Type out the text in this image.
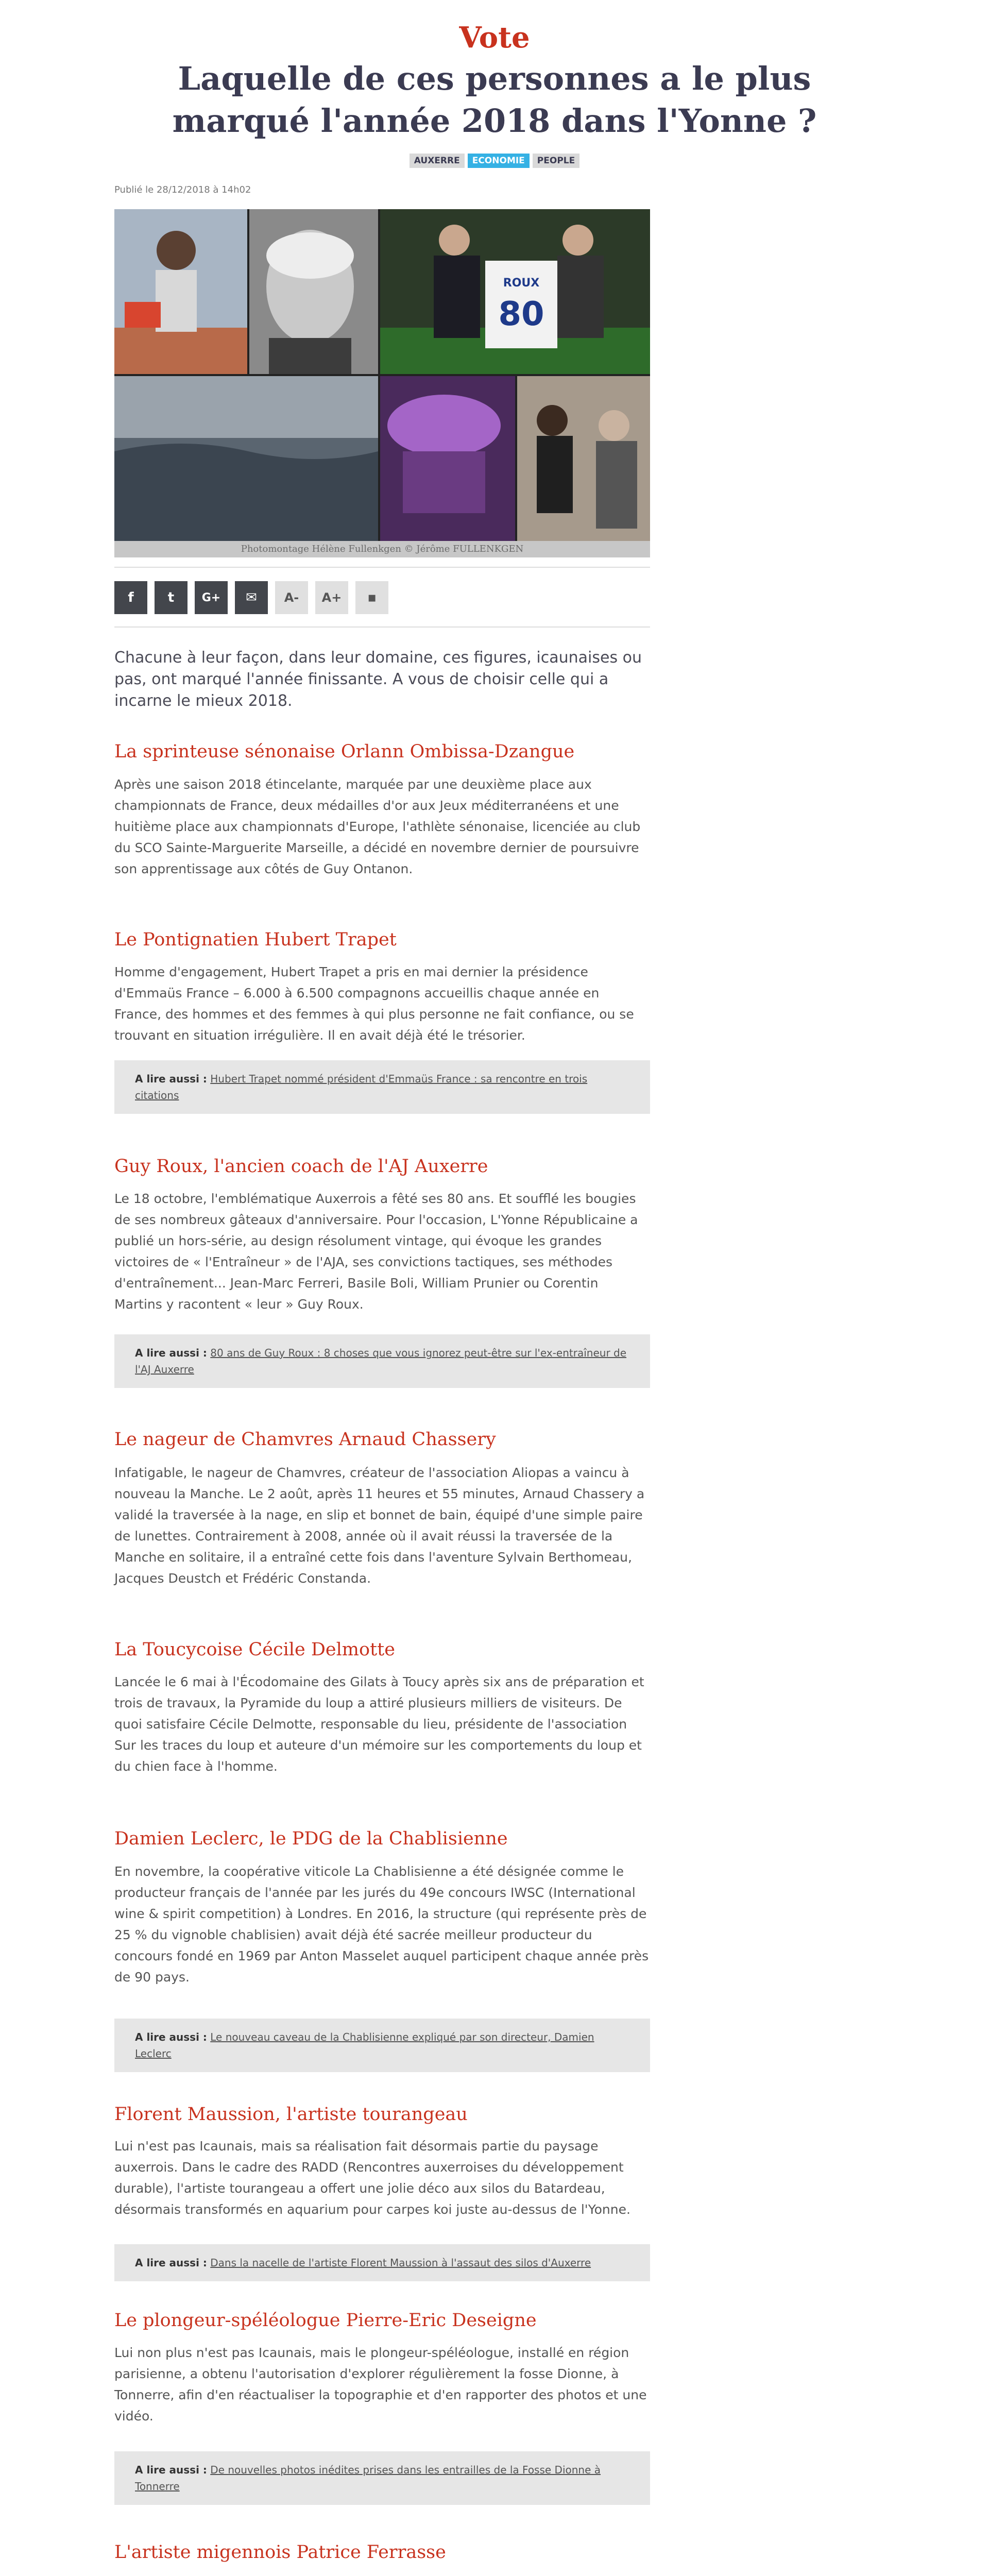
Vote
Laquelle de ces personnes a le plus marqué l'année 2018 dans l'Yonne ?
AUXERRE	ECONOMIE	PEOPLE
Publié le 28/12/2018 à 14h02
ROUX
80
Photomontage Hélène Fullenkgen © Jérôme FULLENKGEN
f	t G+ ✉ A- A+ ▪

Chacune à leur façon, dans leur domaine, ces figures, icaunaises ou pas, ont marqué l'année finissante. A vous de choisir celle qui a incarne le mieux 2018.

La sprinteuse sénonaise Orlann Ombissa-Dzangue

Après une saison 2018 étincelante, marquée par une deuxième place aux championnats de France, deux médailles d'or aux Jeux méditerranéens et une huitième place aux championnats d'Europe, l'athlète sénonaise, licenciée au club du SCO Sainte-Marguerite Marseille, a décidé en novembre dernier de poursuivre son apprentissage aux côtés de Guy Ontanon.

Le Pontignatien Hubert Trapet

Homme d'engagement, Hubert Trapet a pris en mai dernier la présidence d'Emmaüs France – 6.000 à 6.500 compagnons accueillis chaque année en France, des hommes et des femmes à qui plus personne ne fait confiance, ou se trouvant en situation irrégulière. Il en avait déjà été le trésorier.

A lire aussi : Hubert Trapet nommé président d'Emmaüs France : sa rencontre en trois citations
Guy Roux, l'ancien coach de l'AJ Auxerre

Le 18 octobre, l'emblématique Auxerrois a fêté ses 80 ans. Et soufflé les bougies de ses nombreux gâteaux d'anniversaire. Pour l'occasion, L'Yonne Républicaine a publié un hors-série, au design résolument vintage, qui évoque les grandes victoires de « l'Entraîneur » de l'AJA, ses convictions tactiques, ses méthodes d'entraînement... Jean-Marc Ferreri, Basile Boli, William Prunier ou Corentin Martins y racontent « leur » Guy Roux.

A lire aussi : 80 ans de Guy Roux : 8 choses que vous ignorez peut-être sur l'ex-entraîneur de l'AJ Auxerre
Le nageur de Chamvres Arnaud Chassery

Infatigable, le nageur de Chamvres, créateur de l'association Aliopas a vaincu à nouveau la Manche. Le 2 août, après 11 heures et 55 minutes, Arnaud Chassery a validé la traversée à la nage, en slip et bonnet de bain, équipé d'une simple paire de lunettes. Contrairement à 2008, année où il avait réussi la traversée de la Manche en solitaire, il a entraîné cette fois dans l'aventure Sylvain Berthomeau, Jacques Deustch et Frédéric Constanda.

La Toucycoise Cécile Delmotte

Lancée le 6 mai à l'Écodomaine des Gilats à Toucy après six ans de préparation et trois de travaux, la Pyramide du loup a attiré plusieurs milliers de visiteurs. De quoi satisfaire Cécile Delmotte, responsable du lieu, présidente de l'association Sur les traces du loup et auteure d'un mémoire sur les comportements du loup et du chien face à l'homme.

Damien Leclerc, le PDG de la Chablisienne

En novembre, la coopérative viticole La Chablisienne a été désignée comme le producteur français de l'année par les jurés du 49e concours IWSC (International wine & spirit competition) à Londres. En 2016, la structure (qui représente près de 25 % du vignoble chablisien) avait déjà été sacrée meilleur producteur du concours fondé en 1969 par Anton Masselet auquel participent chaque année près de 90 pays.

A lire aussi : Le nouveau caveau de la Chablisienne expliqué par son directeur, Damien Leclerc
Florent Maussion, l'artiste tourangeau

Lui n'est pas Icaunais, mais sa réalisation fait désormais partie du paysage auxerrois. Dans le cadre des RADD (Rencontres auxerroises du développement durable), l'artiste tourangeau a offert une jolie déco aux silos du Batardeau, désormais transformés en aquarium pour carpes koi juste au-dessus de l'Yonne.

A lire aussi : Dans la nacelle de l'artiste Florent Maussion à l'assaut des silos d'Auxerre
Le plongeur-spéléologue Pierre-Eric Deseigne

Lui non plus n'est pas Icaunais, mais le plongeur-spéléologue, installé en région parisienne, a obtenu l'autorisation d'explorer régulièrement la fosse Dionne, à Tonnerre, afin d'en réactualiser la topographie et d'en rapporter des photos et une vidéo.

A lire aussi : De nouvelles photos inédites prises dans les entrailles de la Fosse Dionne à Tonnerre
L'artiste migennois Patrice Ferrasse
